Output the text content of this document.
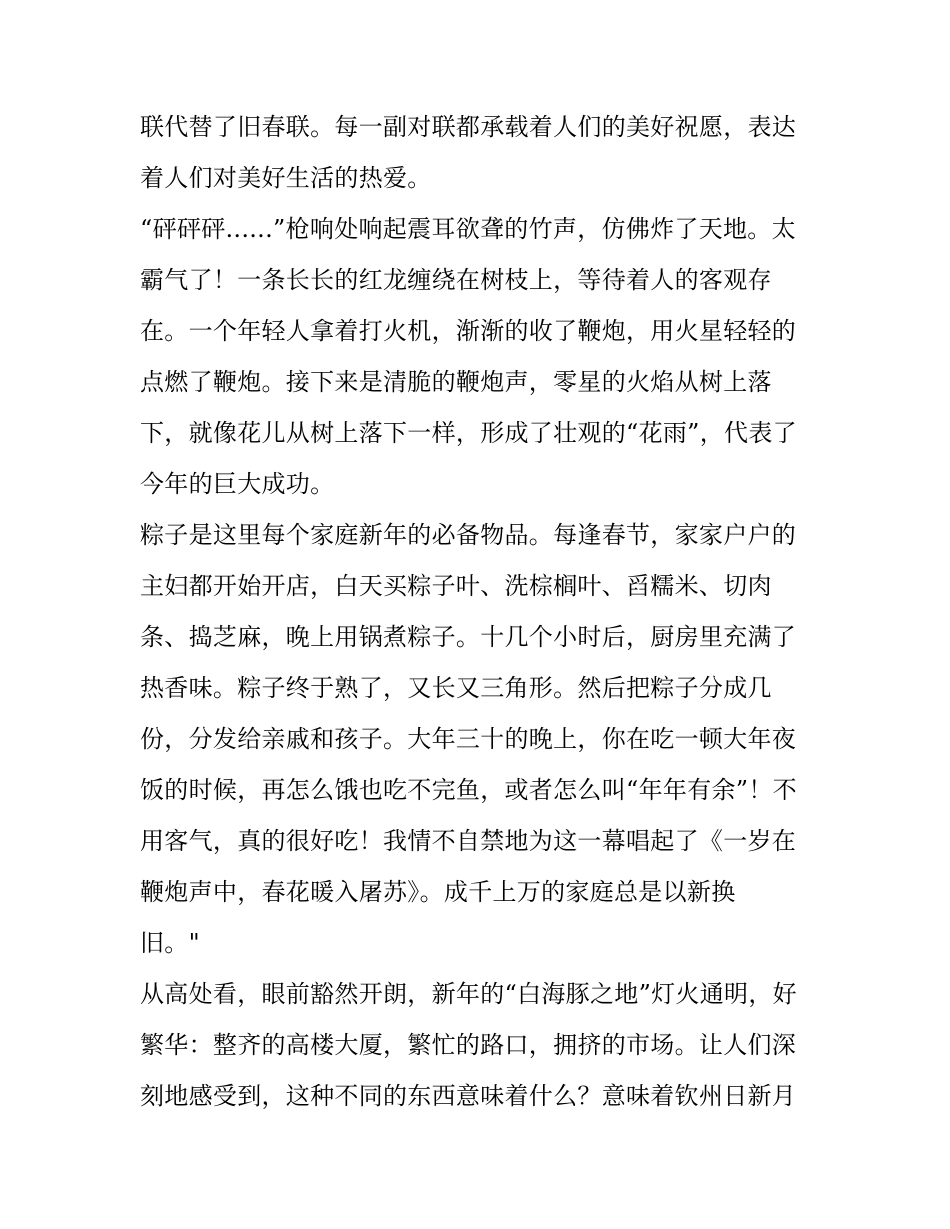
联代替了旧春联。每一副对联都承载着人们的美好祝愿，表达
着人们对美好生活的热爱。
“砰砰砰......”枪响处响起震耳欲聋的竹声，仿佛炸了天地。太
霸气了！一条长长的红龙缠绕在树枝上，等待着人的客观存
在。一个年轻人拿着打火机，渐渐的收了鞭炮，用火星轻轻的
点燃了鞭炮。接下来是清脆的鞭炮声，零星的火焰从树上落
下，就像花儿从树上落下一样，形成了壮观的“花雨”，代表了
今年的巨大成功。
粽子是这里每个家庭新年的必备物品。每逢春节，家家户户的
主妇都开始开店，白天买粽子叶、洗棕榈叶、舀糯米、切肉
条、捣芝麻，晚上用锅煮粽子。十几个小时后，厨房里充满了
热香味。粽子终于熟了，又长又三角形。然后把粽子分成几
份，分发给亲戚和孩子。大年三十的晚上，你在吃一顿大年夜
饭的时候，再怎么饿也吃不完鱼，或者怎么叫“年年有余”！不
用客气，真的很好吃！我情不自禁地为这一幕唱起了《一岁在
鞭炮声中，春花暖入屠苏》。成千上万的家庭总是以新换
旧。"
从高处看，眼前豁然开朗，新年的“白海豚之地”灯火通明，好
繁华：整齐的高楼大厦，繁忙的路口，拥挤的市场。让人们深
刻地感受到，这种不同的东西意味着什么？意味着钦州日新月
